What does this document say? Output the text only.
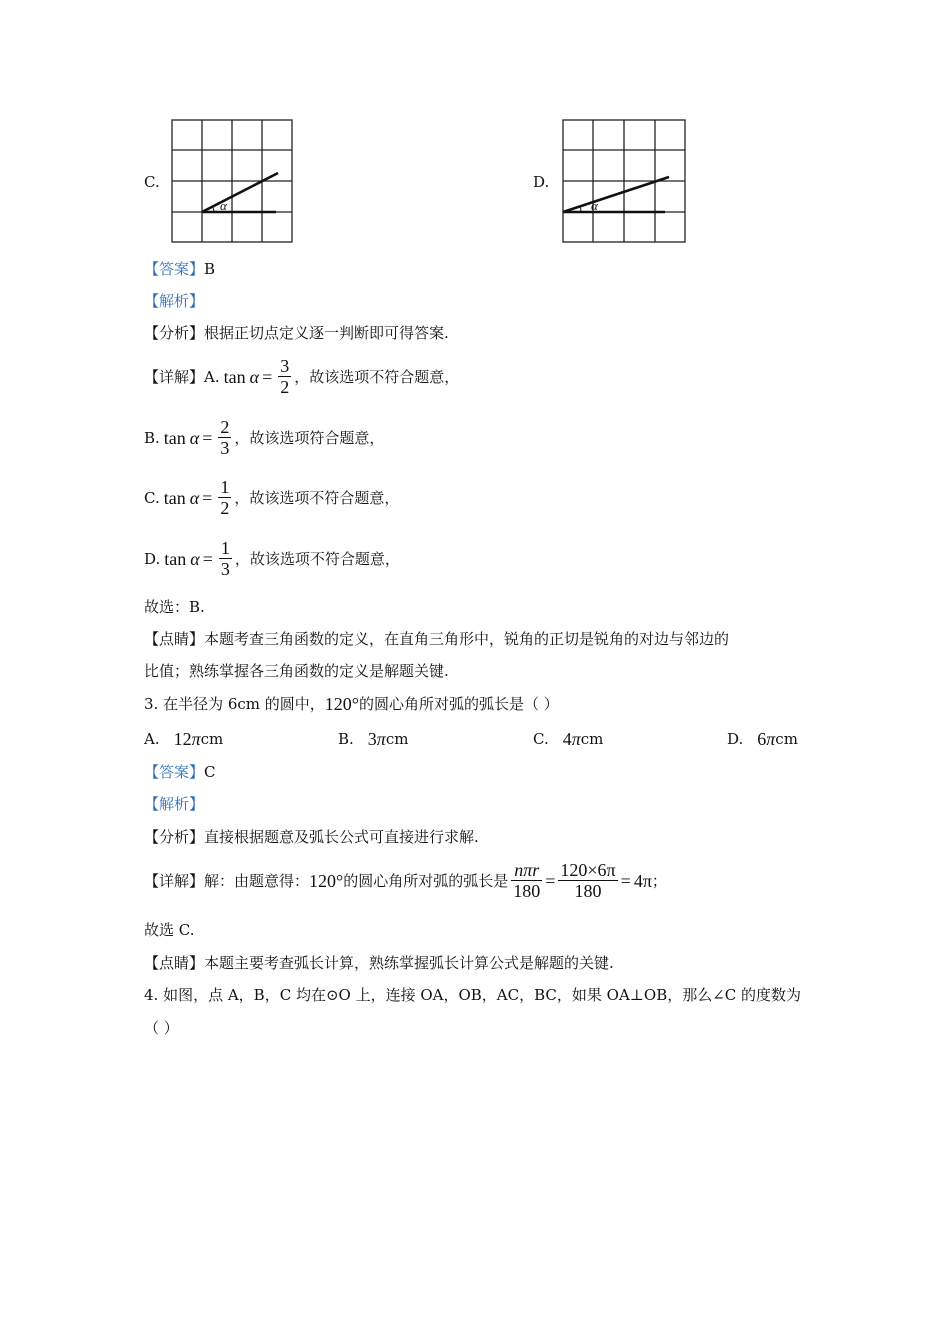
C.
α
D.
α
【答案】B
【解析】
【分析】根据正切点定义逐一判断即可得答案.
【详解】 A. $\tan \alpha = \frac{3}{2}$ ，故该选项不符合题意，
B. $\tan \alpha = \frac{2}{3}$ ，故该选项符合题意，
C. $\tan \alpha = \frac{1}{2}$ ，故该选项不符合题意，
D. $\tan \alpha = \frac{1}{3}$ ，故该选项不符合题意，
故选：B.
【点睛】本题考查三角函数的定义，在直角三角形中，锐角的正切是锐角的对边与邻边的
比值；熟练掌握各三角函数的定义是解题关键.
3. 在半径为 6cm 的圆中， 120° 的圆心角所对弧的弧长是（ ）
A. 12 π cm	B. 3 π cm	C. 4 π cm	D. 6 π cm
【答案】C
【解析】
【分析】直接根据题意及弧长公式可直接进行求解.
【详解】 解：由题意得： 120° 的圆心角所对弧的弧长是 $\frac{\text{nπr}}{180} = \frac{120\times 6\pi}{180} = 4\pi$ ；
故选 C.
【点睛】本题主要考查弧长计算，熟练掌握弧长计算公式是解题的关键.
4. 如图，点 A，B，C 均在⊙O 上，连接 OA，OB，AC，BC，如果 OA⊥OB，那么∠C 的度数为
（ ）
